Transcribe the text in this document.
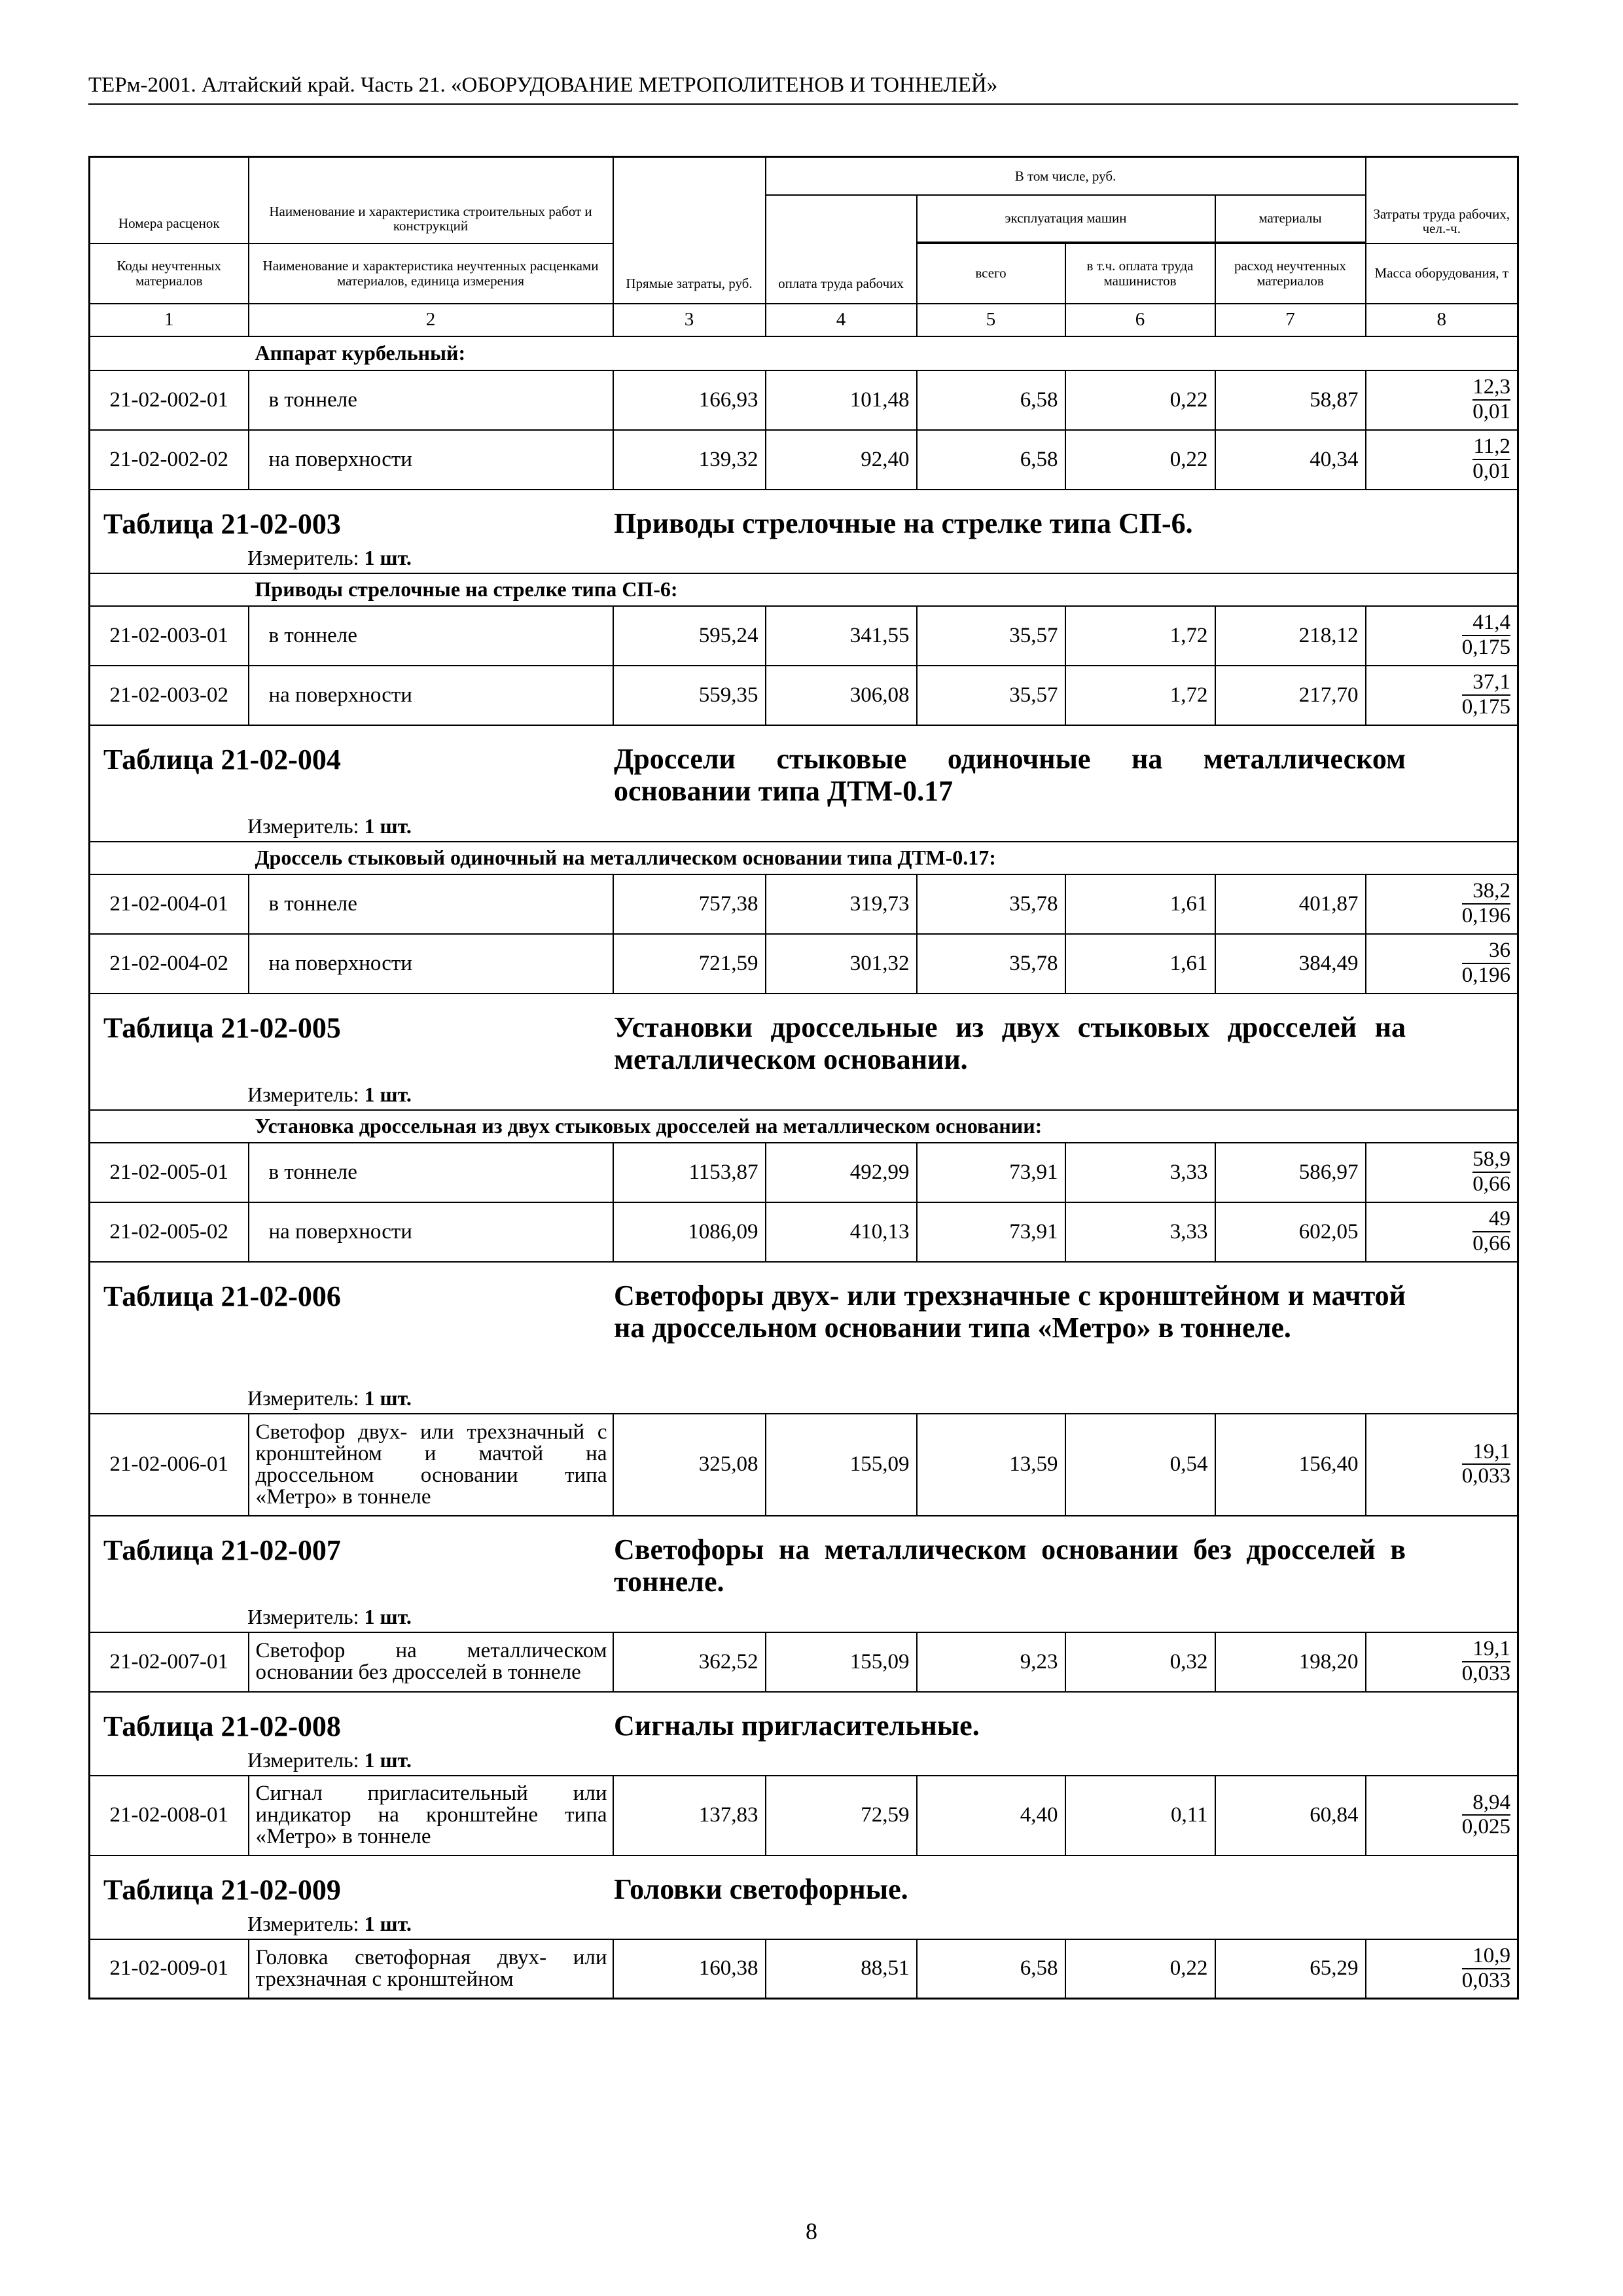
ТЕРм-2001. Алтайский край. Часть 21. «ОБОРУДОВАНИЕ МЕТРОПОЛИТЕНОВ И ТОННЕЛЕЙ»
Номера расценок	Наименование и характеристика строительных работ и конструкций	Прямые затраты, руб.	В том числе, руб.				Затраты труда рабочих, чел.-ч.
			оплата труда рабочих	эксплуатация машин		материалы	

Коды неучтенных материалов	Наименование и характеристика неучтенных расценками материалов, единица измерения			всего	в т.ч. оплата труда машинистов	расход неучтенных материалов	Масса оборудования, т
1	2	3	4	5	6	7	8
	Аппарат курбельный:						
21-02-002-01	в тоннеле	166,93	101,48	6,58	0,22	58,87	$\frac{12,3}{0,01}$

21-02-002-02	на поверхности	139,32	92,40	6,58	0,22	40,34	$\frac{11,2}{0,01}$

Таблица 21-02-003 Приводы стрелочные на стрелке типа СП-6.							
Измеритель: 1 шт.							
	Приводы стрелочные на стрелке типа СП-6:						
21-02-003-01	в тоннеле	595,24	341,55	35,57	1,72	218,12	$\frac{41,4}{0,175}$

21-02-003-02	на поверхности	559,35	306,08	35,57	1,72	217,70	$\frac{37,1}{0,175}$

Таблица 21-02-004 Дроссели стыковые одиночные на металлическом основании типа ДТМ-0.17							
Измеритель: 1 шт.							
	Дроссель стыковый одиночный на металлическом основании типа ДТМ-0.17:						
21-02-004-01	в тоннеле	757,38	319,73	35,78	1,61	401,87	$\frac{38,2}{0,196}$

21-02-004-02	на поверхности	721,59	301,32	35,78	1,61	384,49	$\frac{36}{0,196}$

Таблица 21-02-005 Установки дроссельные из двух стыковых дросселей на металлическом основании.							
Измеритель: 1 шт.							
	Установка дроссельная из двух стыковых дросселей на металлическом основании:						
21-02-005-01	в тоннеле	1153,87	492,99	73,91	3,33	586,97	$\frac{58,9}{0,66}$

21-02-005-02	на поверхности	1086,09	410,13	73,91	3,33	602,05	$\frac{49}{0,66}$

Таблица 21-02-006 Светофоры двух- или трехзначные с кронштейном и мачтой на дроссельном основании типа «Метро» в тоннеле.							
Измеритель: 1 шт.							
21-02-006-01	Светофор двух- или трехзначный с кронштейном и мачтой на дроссельном основании типа «Метро» в тоннеле	325,08	155,09	13,59	0,54	156,40	$\frac{19,1}{0,033}$

Таблица 21-02-007 Светофоры на металлическом основании без дросселей в тоннеле.							
Измеритель: 1 шт.							
21-02-007-01	Светофор на металлическом основании без дросселей в тоннеле	362,52	155,09	9,23	0,32	198,20	$\frac{19,1}{0,033}$

Таблица 21-02-008 Сигналы пригласительные.							
Измеритель: 1 шт.							
21-02-008-01	Сигнал пригласительный или индикатор на кронштейне типа «Метро» в тоннеле	137,83	72,59	4,40	0,11	60,84	$\frac{8,94}{0,025}$

Таблица 21-02-009 Головки светофорные.							
Измеритель: 1 шт.							
21-02-009-01	Головка светофорная двух- или трехзначная с кронштейном	160,38	88,51	6,58	0,22	65,29	$\frac{10,9}{0,033}$
8
